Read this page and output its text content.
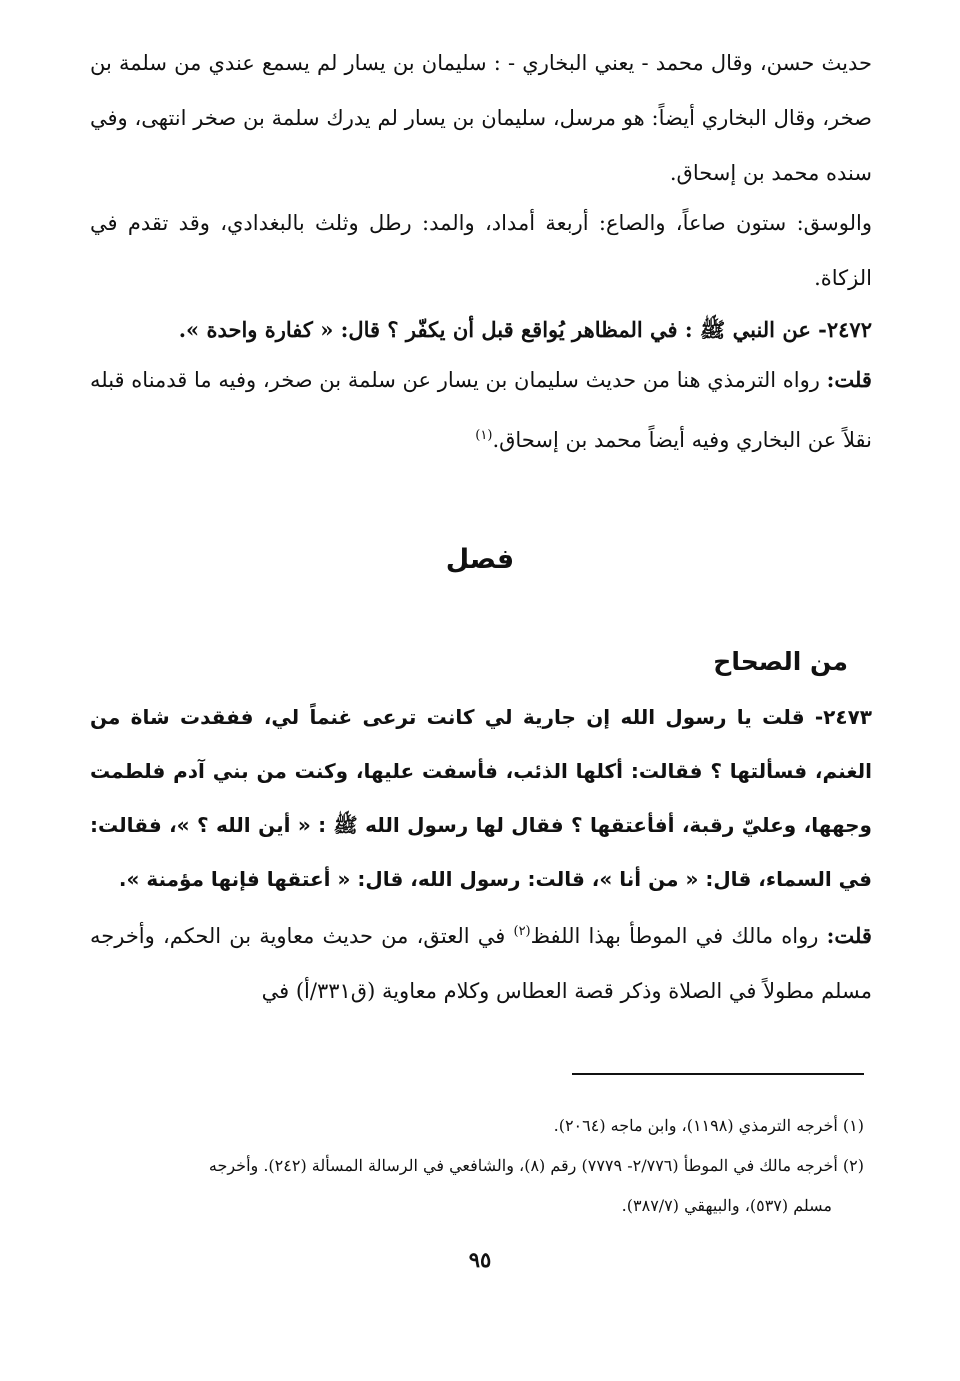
حديث حسن، وقال محمد - يعني البخاري - : سليمان بن يسار لم يسمع عندي من سلمة بن صخر، وقال البخاري أيضاً: هو مرسل، سليمان بن يسار لم يدرك سلمة بن صخر انتهى، وفي سنده محمد بن إسحاق.

والوسق: ستون صاعاً، والصاع: أربعة أمداد، والمد: رطل وثلث بالبغدادي، وقد تقدم في الزكاة.

٢٤٧٢- عن النبي ﷺ : في المظاهر يُواقع قبل أن يكفّر ؟ قال: « كفارة واحدة ».

قلت: رواه الترمذي هنا من حديث سليمان بن يسار عن سلمة بن صخر، وفيه ما قدمناه قبله نقلاً عن البخاري وفيه أيضاً محمد بن إسحاق.$^{(١)}$

فصل
من الصحاح

٢٤٧٣- قلت يا رسول الله إن جارية لي كانت ترعى غنماً لي، ففقدت شاة من الغنم، فسألتها ؟ فقالت: أكلها الذئب، فأسفت عليها، وكنت من بني آدم فلطمت وجهها، وعليّ رقبة، أفأعتقها ؟ فقال لها رسول الله ﷺ : « أين الله ؟ »، فقالت: في السماء، قال: « من أنا »، قالت: رسول الله، قال: « أعتقها فإنها مؤمنة ».

قلت: رواه مالك في الموطأ بهذا اللفظ$^{(٢)}$ في العتق، من حديث معاوية بن الحكم، وأخرجه مسلم مطولاً في الصلاة وذكر قصة العطاس وكلام معاوية (ق٣٣١/أ) في

(١) أخرجه الترمذي (١١٩٨)، وابن ماجه (٢٠٦٤).

(٢) أخرجه مالك في الموطأ (٢/٧٧٦- ٧٧٧٩) رقم (٨)، والشافعي في الرسالة المسألة (٢٤٢). وأخرجه

مسلم (٥٣٧)، والبيهقي (٣٨٧/٧).

٩٥
